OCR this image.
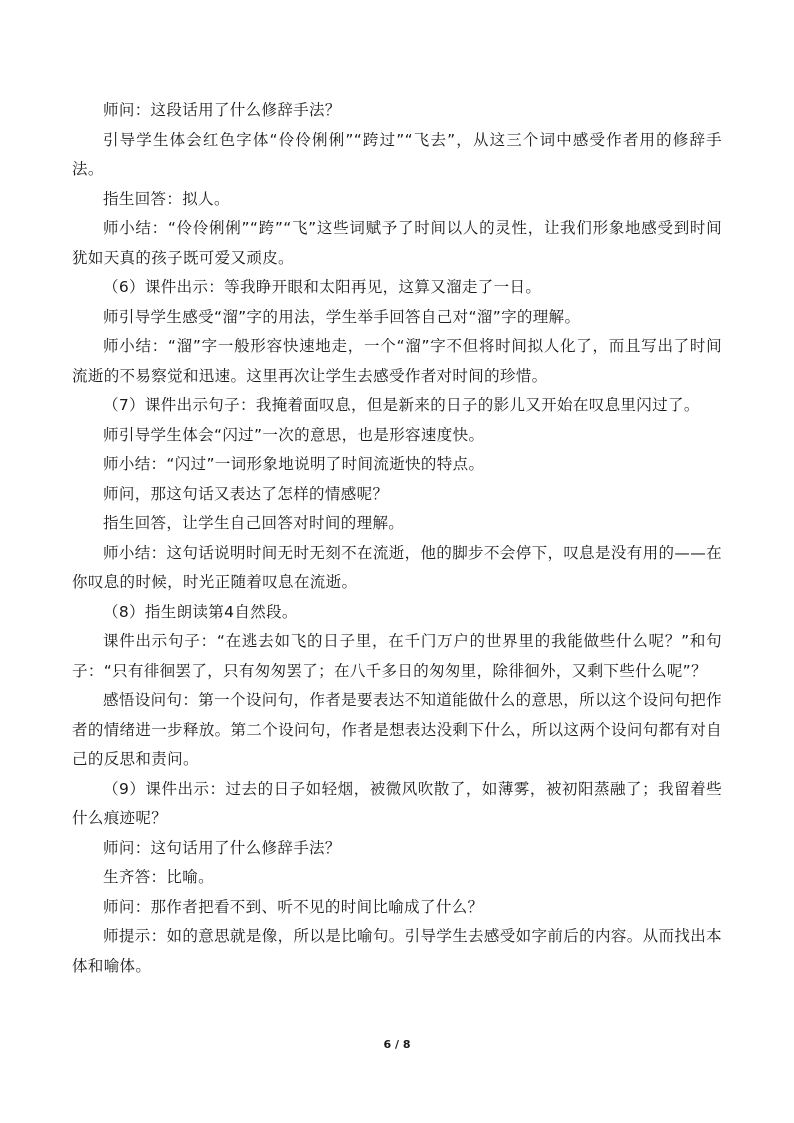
师问：这段话用了什么修辞手法？

引导学生体会红色字体“伶伶俐俐”“跨过”“飞去”，从这三个词中感受作者用的修辞手法。

指生回答：拟人。

师小结：“伶伶俐俐”“跨”“飞”这些词赋予了时间以人的灵性，让我们形象地感受到时间犹如天真的孩子既可爱又顽皮。

（6）课件出示：等我睁开眼和太阳再见，这算又溜走了一日。

师引导学生感受“溜”字的用法，学生举手回答自己对“溜”字的理解。

师小结：“溜”字一般形容快速地走，一个“溜”字不但将时间拟人化了，而且写出了时间流逝的不易察觉和迅速。这里再次让学生去感受作者对时间的珍惜。

（7）课件出示句子：我掩着面叹息，但是新来的日子的影儿又开始在叹息里闪过了。

师引导学生体会“闪过”一次的意思，也是形容速度快。

师小结：“闪过”一词形象地说明了时间流逝快的特点。

师问，那这句话又表达了怎样的情感呢？

指生回答，让学生自己回答对时间的理解。

师小结：这句话说明时间无时无刻不在流逝，他的脚步不会停下，叹息是没有用的——在你叹息的时候，时光正随着叹息在流逝。

（8）指生朗读第4自然段。

课件出示句子：“在逃去如飞的日子里，在千门万户的世界里的我能做些什么呢？”和句子：“只有徘徊罢了，只有匆匆罢了；在八千多日的匆匆里，除徘徊外，又剩下些什么呢”？

感悟设问句：第一个设问句，作者是要表达不知道能做什么的意思，所以这个设问句把作者的情绪进一步释放。第二个设问句，作者是想表达没剩下什么，所以这两个设问句都有对自己的反思和责问。

（9）课件出示：过去的日子如轻烟，被微风吹散了，如薄雾，被初阳蒸融了；我留着些什么痕迹呢？

师问：这句话用了什么修辞手法？

生齐答：比喻。

师问：那作者把看不到、听不见的时间比喻成了什么？

师提示：如的意思就是像，所以是比喻句。引导学生去感受如字前后的内容。从而找出本体和喻体。

6 / 8
